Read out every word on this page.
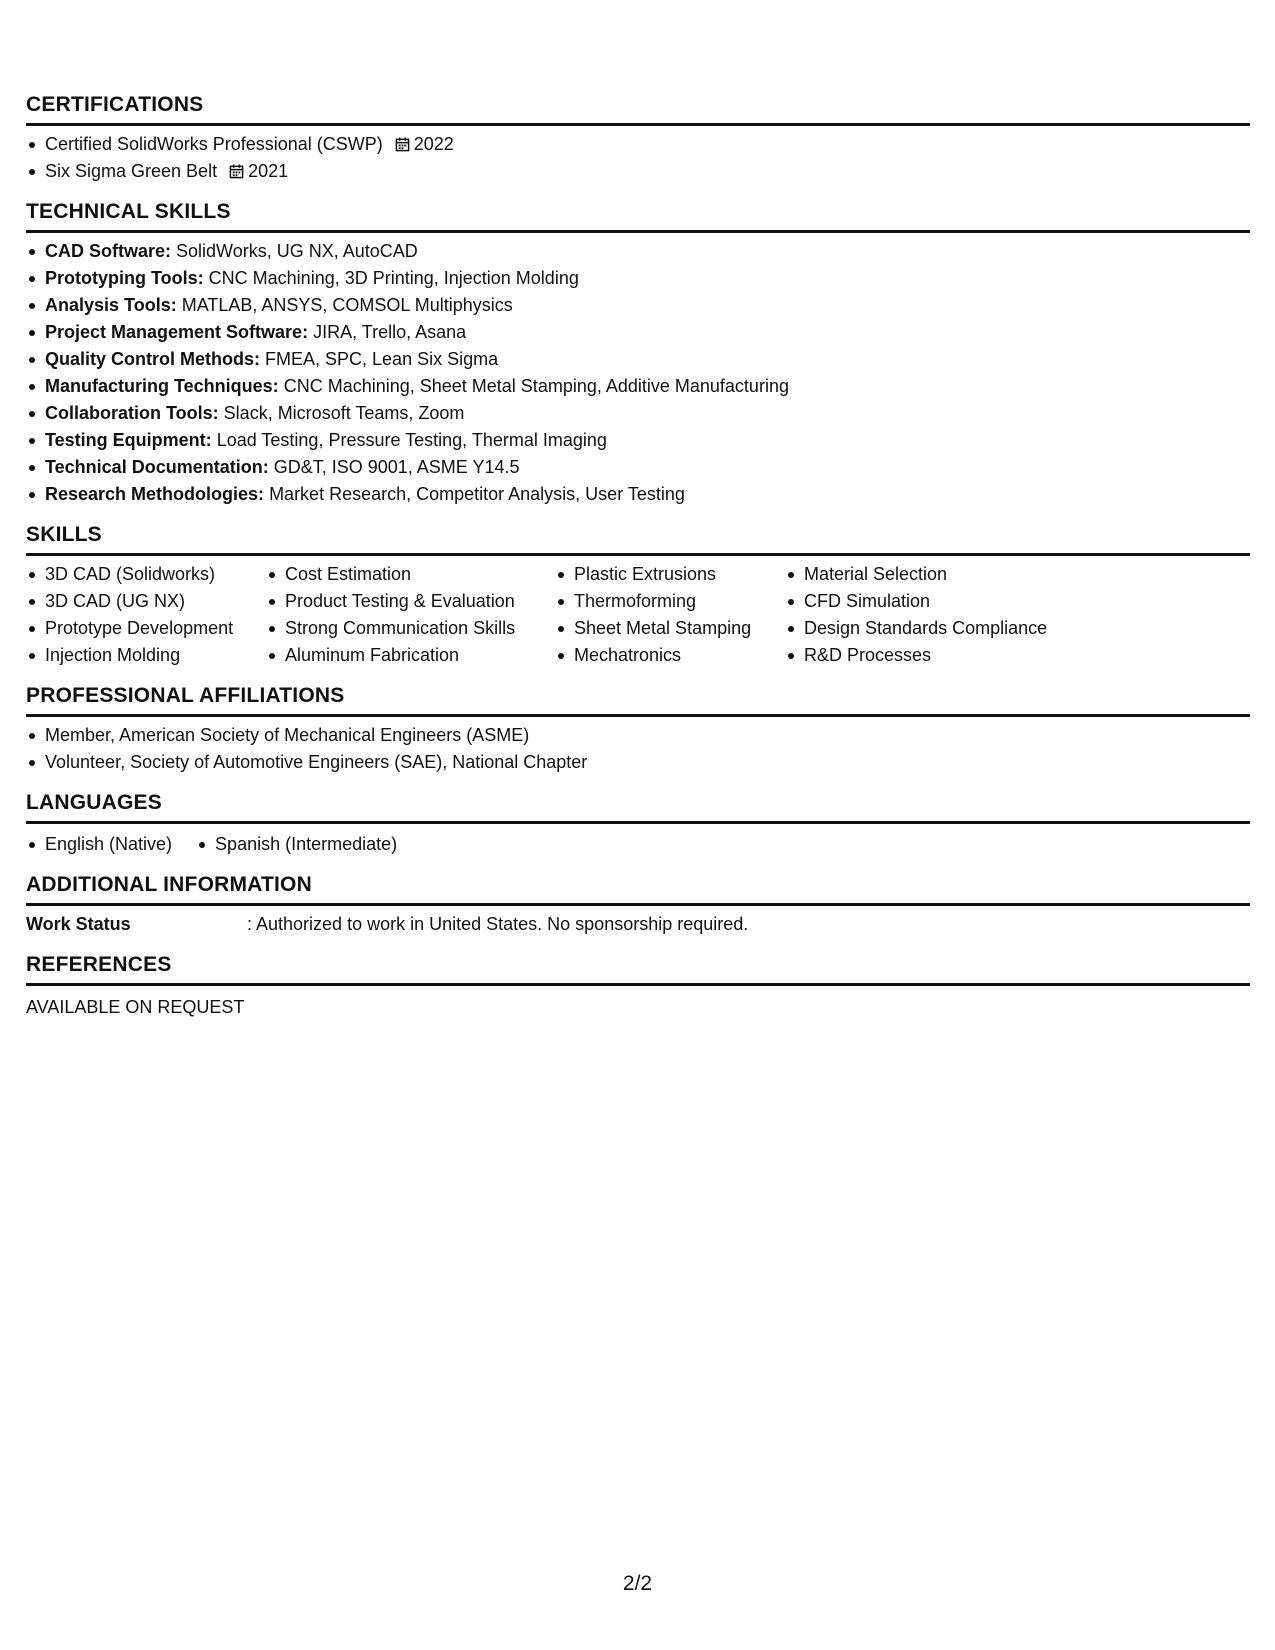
CERTIFICATIONS
Certified SolidWorks Professional (CSWP) 2022
Six Sigma Green Belt 2021
TECHNICAL SKILLS
CAD Software: SolidWorks, UG NX, AutoCAD
Prototyping Tools: CNC Machining, 3D Printing, Injection Molding
Analysis Tools: MATLAB, ANSYS, COMSOL Multiphysics
Project Management Software: JIRA, Trello, Asana
Quality Control Methods: FMEA, SPC, Lean Six Sigma
Manufacturing Techniques: CNC Machining, Sheet Metal Stamping, Additive Manufacturing
Collaboration Tools: Slack, Microsoft Teams, Zoom
Testing Equipment: Load Testing, Pressure Testing, Thermal Imaging
Technical Documentation: GD&T, ISO 9001, ASME Y14.5
Research Methodologies: Market Research, Competitor Analysis, User Testing
SKILLS
3D CAD (Solidworks)
3D CAD (UG NX)
Prototype Development
Injection Molding
Cost Estimation
Product Testing & Evaluation
Strong Communication Skills
Aluminum Fabrication
Plastic Extrusions
Thermoforming
Sheet Metal Stamping
Mechatronics
Material Selection
CFD Simulation
Design Standards Compliance
R&D Processes
PROFESSIONAL AFFILIATIONS
Member, American Society of Mechanical Engineers (ASME)
Volunteer, Society of Automotive Engineers (SAE), National Chapter
LANGUAGES
English (Native)	Spanish (Intermediate)
ADDITIONAL INFORMATION
Work Status	: Authorized to work in United States. No sponsorship required.
REFERENCES
AVAILABLE ON REQUEST
2/2
